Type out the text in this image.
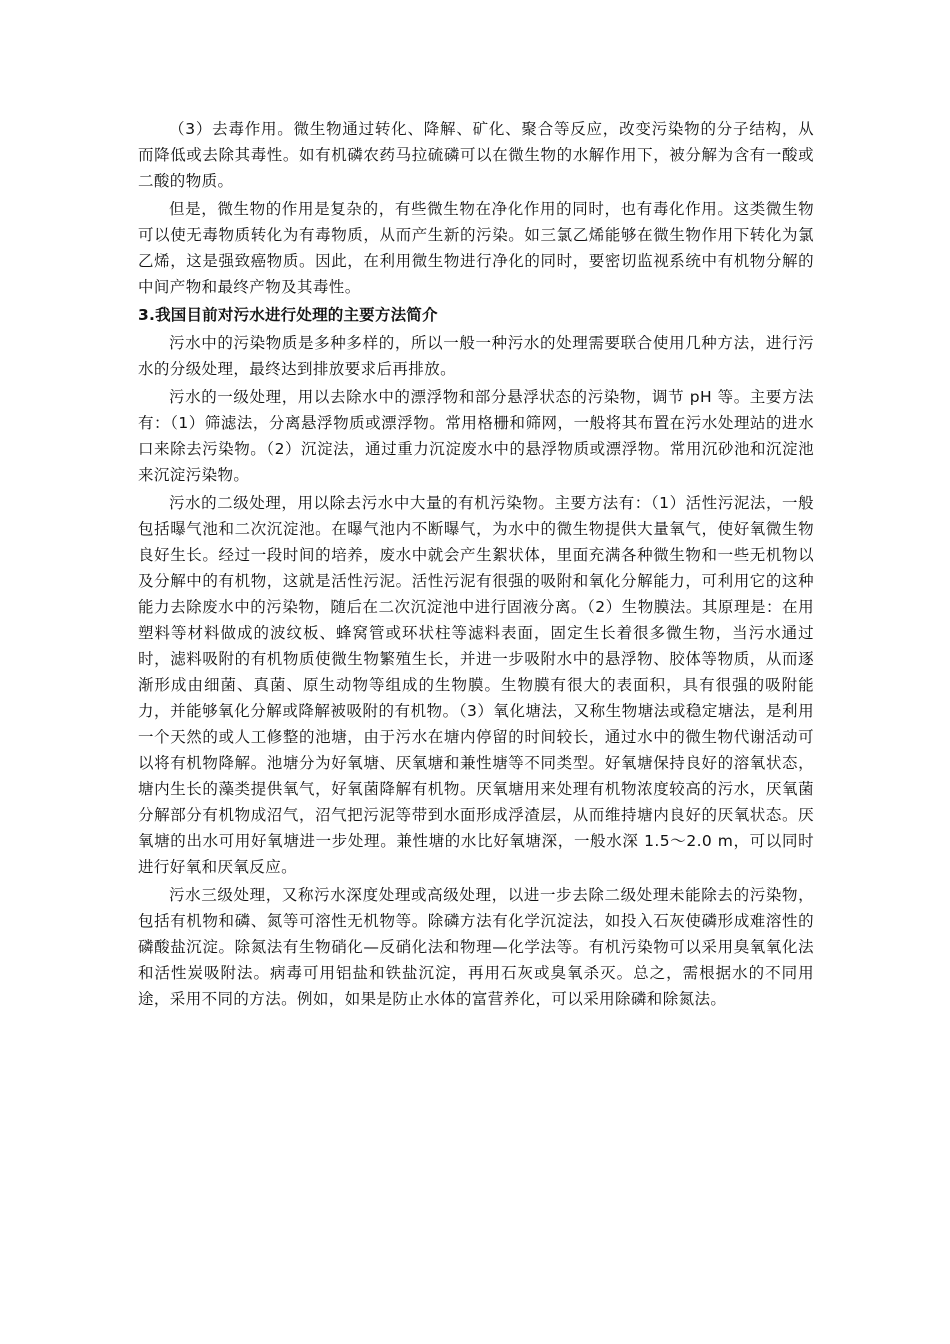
（3）去毒作用。微生物通过转化、降解、矿化、聚合等反应，改变污染物的分子结构，从而降低或去除其毒性。如有机磷农药马拉硫磷可以在微生物的水解作用下，被分解为含有一酸或二酸的物质。

但是，微生物的作用是复杂的，有些微生物在净化作用的同时，也有毒化作用。这类微生物可以使无毒物质转化为有毒物质，从而产生新的污染。如三氯乙烯能够在微生物作用下转化为氯乙烯，这是强致癌物质。因此，在利用微生物进行净化的同时，要密切监视系统中有机物分解的中间产物和最终产物及其毒性。

3.我国目前对污水进行处理的主要方法简介

污水中的污染物质是多种多样的，所以一般一种污水的处理需要联合使用几种方法，进行污水的分级处理，最终达到排放要求后再排放。

污水的一级处理，用以去除水中的漂浮物和部分悬浮状态的污染物，调节 pH 等。主要方法有：（1）筛滤法，分离悬浮物质或漂浮物。常用格栅和筛网，一般将其布置在污水处理站的进水口来除去污染物。（2）沉淀法，通过重力沉淀废水中的悬浮物质或漂浮物。常用沉砂池和沉淀池来沉淀污染物。

污水的二级处理，用以除去污水中大量的有机污染物。主要方法有：（1）活性污泥法，一般包括曝气池和二次沉淀池。在曝气池内不断曝气，为水中的微生物提供大量氧气，使好氧微生物良好生长。经过一段时间的培养，废水中就会产生絮状体，里面充满各种微生物和一些无机物以及分解中的有机物，这就是活性污泥。活性污泥有很强的吸附和氧化分解能力，可利用它的这种能力去除废水中的污染物，随后在二次沉淀池中进行固液分离。（2）生物膜法。其原理是：在用塑料等材料做成的波纹板、蜂窝管或环状柱等滤料表面，固定生长着很多微生物，当污水通过时，滤料吸附的有机物质使微生物繁殖生长，并进一步吸附水中的悬浮物、胶体等物质，从而逐渐形成由细菌、真菌、原生动物等组成的生物膜。生物膜有很大的表面积，具有很强的吸附能力，并能够氧化分解或降解被吸附的有机物。（3）氧化塘法，又称生物塘法或稳定塘法，是利用一个天然的或人工修整的池塘，由于污水在塘内停留的时间较长，通过水中的微生物代谢活动可以将有机物降解。池塘分为好氧塘、厌氧塘和兼性塘等不同类型。好氧塘保持良好的溶氧状态，塘内生长的藻类提供氧气，好氧菌降解有机物。厌氧塘用来处理有机物浓度较高的污水，厌氧菌分解部分有机物成沼气，沼气把污泥等带到水面形成浮渣层，从而维持塘内良好的厌氧状态。厌氧塘的出水可用好氧塘进一步处理。兼性塘的水比好氧塘深，一般水深 1.5～2.0 m，可以同时进行好氧和厌氧反应。

污水三级处理，又称污水深度处理或高级处理，以进一步去除二级处理未能除去的污染物，包括有机物和磷、氮等可溶性无机物等。除磷方法有化学沉淀法，如投入石灰使磷形成难溶性的磷酸盐沉淀。除氮法有生物硝化—反硝化法和物理—化学法等。有机污染物可以采用臭氧氧化法和活性炭吸附法。病毒可用铝盐和铁盐沉淀，再用石灰或臭氧杀灭。总之，需根据水的不同用途，采用不同的方法。例如，如果是防止水体的富营养化，可以采用除磷和除氮法。
